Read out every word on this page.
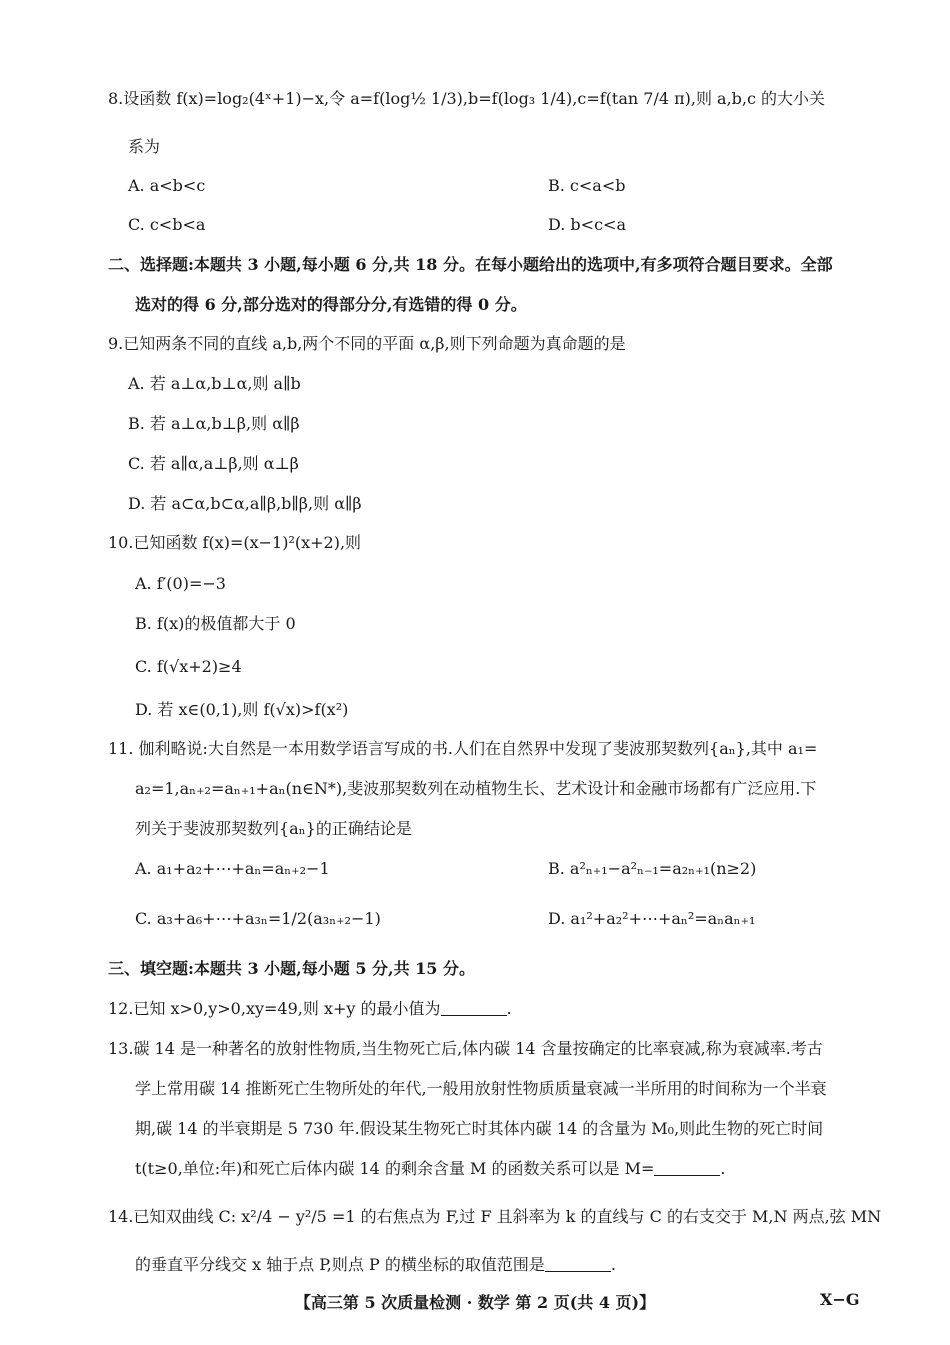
8.设函数 f(x)=log₂(4ˣ+1)−x,令 a=f(log½ 1/3),b=f(log₃ 1/4),c=f(tan 7/4 π),则 a,b,c 的大小关
系为
A. a<b<c	B. c<a<b
C. c<b<a	D. b<c<a
二、选择题:本题共 3 小题,每小题 6 分,共 18 分。在每小题给出的选项中,有多项符合题目要求。全部
选对的得 6 分,部分选对的得部分分,有选错的得 0 分。
9.已知两条不同的直线 a,b,两个不同的平面 α,β,则下列命题为真命题的是
A. 若 a⊥α,b⊥α,则 a∥b
B. 若 a⊥α,b⊥β,则 α∥β
C. 若 a∥α,a⊥β,则 α⊥β
D. 若 a⊂α,b⊂α,a∥β,b∥β,则 α∥β
10.已知函数 f(x)=(x−1)²(x+2),则
A. f′(0)=−3
B. f(x)的极值都大于 0
C. f(√x+2)≥4
D. 若 x∈(0,1),则 f(√x)>f(x²)
11. 伽利略说:大自然是一本用数学语言写成的书.人们在自然界中发现了斐波那契数列{aₙ},其中 a₁=
a₂=1,aₙ₊₂=aₙ₊₁+aₙ(n∈N*),斐波那契数列在动植物生长、艺术设计和金融市场都有广泛应用.下
列关于斐波那契数列{aₙ}的正确结论是
A. a₁+a₂+⋯+aₙ=aₙ₊₂−1	B. a²ₙ₊₁−a²ₙ₋₁=a₂ₙ₊₁(n≥2)
C. a₃+a₆+⋯+a₃ₙ=1/2(a₃ₙ₊₂−1)	D. a₁²+a₂²+⋯+aₙ²=aₙaₙ₊₁
三、填空题:本题共 3 小题,每小题 5 分,共 15 分。
12.已知 x>0,y>0,xy=49,则 x+y 的最小值为	.
13.碳 14 是一种著名的放射性物质,当生物死亡后,体内碳 14 含量按确定的比率衰减,称为衰减率.考古
学上常用碳 14 推断死亡生物所处的年代,一般用放射性物质质量衰减一半所用的时间称为一个半衰
期,碳 14 的半衰期是 5 730 年.假设某生物死亡时其体内碳 14 的含量为 M₀,则此生物的死亡时间
t(t≥0,单位:年)和死亡后体内碳 14 的剩余含量 M 的函数关系可以是 M=	.
14.已知双曲线 C: x²/4 − y²/5 =1 的右焦点为 F,过 F 且斜率为 k 的直线与 C 的右支交于 M,N 两点,弦 MN
的垂直平分线交 x 轴于点 P,则点 P 的横坐标的取值范围是	.
【高三第 5 次质量检测 · 数学 第 2 页(共 4 页)】	X−G
